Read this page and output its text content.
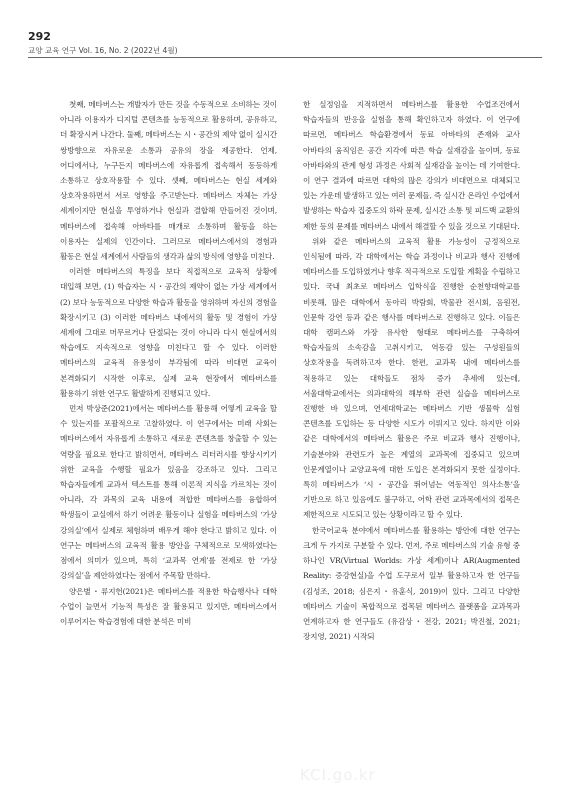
292
교양 교육 연구 Vol. 16, No. 2 (2022년 4월)

첫째, 메타버스는 개발자가 만든 것을 수동적으로 소비하는 것이 아니라 이용자가 디지털 콘텐츠를 능동적으로 활용하며, 공유하고, 더 확장시켜 나간다. 둘째, 메타버스는 시・공간의 제약 없이 실시간 쌍방향으로 자유로운 소통과 공유의 장을 제공한다. 언제, 어디에서나, 누구든지 메타버스에 자유롭게 접속해서 동등하게 소통하고 상호작용할 수 있다. 셋째, 메타버스는 현실 세계와 상호작용하면서 서로 영향을 주고받는다. 메타버스 자체는 가상 세계이지만 현실을 투영하거나 현실과 결합해 만들어진 것이며, 메타버스에 접속해 아바타를 매개로 소통하며 활동을 하는 이용자는 실제의 인간이다. 그러므로 메타버스에서의 경험과 활동은 현실 세계에서 사람들의 생각과 삶의 방식에 영향을 미친다.

이러한 메타버스의 특징을 보다 직접적으로 교육적 상황에 대입해 보면, (1) 학습자는 시・공간의 제약이 없는 가상 세계에서 (2) 보다 능동적으로 다양한 학습과 활동을 영위하며 자신의 경험을 확장시키고 (3) 이러한 메타버스 내에서의 활동 및 경험이 가상 세계에 그대로 머무르거나 단절되는 것이 아니라 다시 현실에서의 학습에도 지속적으로 영향을 미친다고 할 수 있다. 이러한 메타버스의 교육적 유용성이 부각됨에 따라 비대면 교육이 본격화되기 시작한 이후로, 실제 교육 현장에서 메타버스를 활용하기 위한 연구도 활발하게 진행되고 있다.

먼저 박상준(2021)에서는 메타버스를 활용해 어떻게 교육을 할 수 있는지를 포괄적으로 고찰하였다. 이 연구에서는 미래 사회는 메타버스에서 자유롭게 소통하고 새로운 콘텐츠를 창출할 수 있는 역량을 필요로 한다고 밝히면서, 메타버스 리터러시를 향상시키기 위한 교육을 수행할 필요가 있음을 강조하고 있다. 그리고 학습자들에게 교과서 텍스트를 통해 이론적 지식을 가르치는 것이 아니라, 각 과목의 교육 내용에 적합한 메타버스를 융합하여 학생들이 교실에서 하기 어려운 활동이나 실험을 메타버스의 ‘가상 강의실’에서 실제로 체험하며 배우게 해야 한다고 밝히고 있다. 이 연구는 메타버스의 교육적 활용 방안을 구체적으로 모색하였다는 점에서 의미가 있으며, 특히 ‘교과목 연계’를 전제로 한 ‘가상 강의실’을 제안하였다는 점에서 주목할 만하다.

양은별・류지헌(2021)은 메타버스를 적용한 학습행사나 대학 수업이 늘면서 기능적 특성은 잘 활용되고 있지만, 메타버스에서 이루어지는 학습경험에 대한 분석은 미비

한 실정임을 지적하면서 메타버스를 활용한 수업조건에서 학습자들의 반응을 실험을 통해 확인하고자 하였다. 이 연구에 따르면, 메타버스 학습환경에서 동료 아바타의 존재와 교사 아바타의 움직임은 공간 지각에 따른 학습 실재감을 높이며, 동료 아바타와의 관계 형성 과정은 사회적 실재감을 높이는 데 기여한다. 이 연구 결과에 따르면 대학의 많은 강의가 비대면으로 대체되고 있는 가운데 발생하고 있는 여러 문제들, 즉 실시간 온라인 수업에서 발생하는 학습자 집중도의 하락 문제, 실시간 소통 및 피드백 교환의 제한 등의 문제를 메타버스 내에서 해결할 수 있을 것으로 기대된다.

위와 같은 메타버스의 교육적 활용 가능성이 긍정적으로 인식됨에 따라, 각 대학에서는 학습 과정이나 비교과 행사 진행에 메타버스를 도입하였거나 향후 적극적으로 도입할 계획을 수립하고 있다. 국내 최초로 메타버스 입학식을 진행한 순천향대학교를 비롯해, 많은 대학에서 동아리 박람회, 박물관 전시회, 음원전, 인문학 강연 등과 같은 행사를 메타버스로 진행하고 있다. 이들은 대학 캠퍼스와 가장 유사한 형태로 메타버스를 구축하여 학습자들의 소속감을 고취시키고, 역동감 있는 구성원들의 상호작용을 독려하고자 한다. 한편, 교과목 내에 메타버스를 적용하고 있는 대학들도 점차 증가 추세에 있는데, 서울대학교에서는 의과대학의 해부학 관련 실습을 메타버스로 진행한 바 있으며, 연세대학교는 메타버스 기반 생물학 실험 콘텐츠를 도입하는 등 다양한 시도가 이뤄지고 있다. 하지만 이와 같은 대학에서의 메타버스 활용은 주로 비교과 행사 진행이나, 기술분야와 관련도가 높은 계열의 교과목에 집중되고 있으며 인문계열이나 교양교육에 대한 도입은 본격화되지 못한 실정이다. 특히 메타버스가 ‘시・공간을 뛰어넘는 역동적인 의사소통’을 기반으로 하고 있음에도 불구하고, 어학 관련 교과목에서의 접목은 제한적으로 시도되고 있는 상황이라고 할 수 있다.

한국어교육 분야에서 메타버스를 활용하는 방안에 대한 연구는 크게 두 가지로 구분할 수 있다. 먼저, 주로 메타버스의 기술 유형 중 하나인 VR(Virtual Worlds: 가상 세계)이나 AR(Augmented Reality: 증강현실)을 수업 도구로서 일부 활용하고자 한 연구들(김성조, 2018; 심은지・유훈식, 2019)이 있다. 그리고 다양한 메타버스 기술이 복합적으로 접목된 메타버스 플랫폼을 교과목과 연계하고자 한 연구들도 (유감상・전강, 2021; 박진철, 2021; 장지영, 2021) 시작되

KCI.go.kr
